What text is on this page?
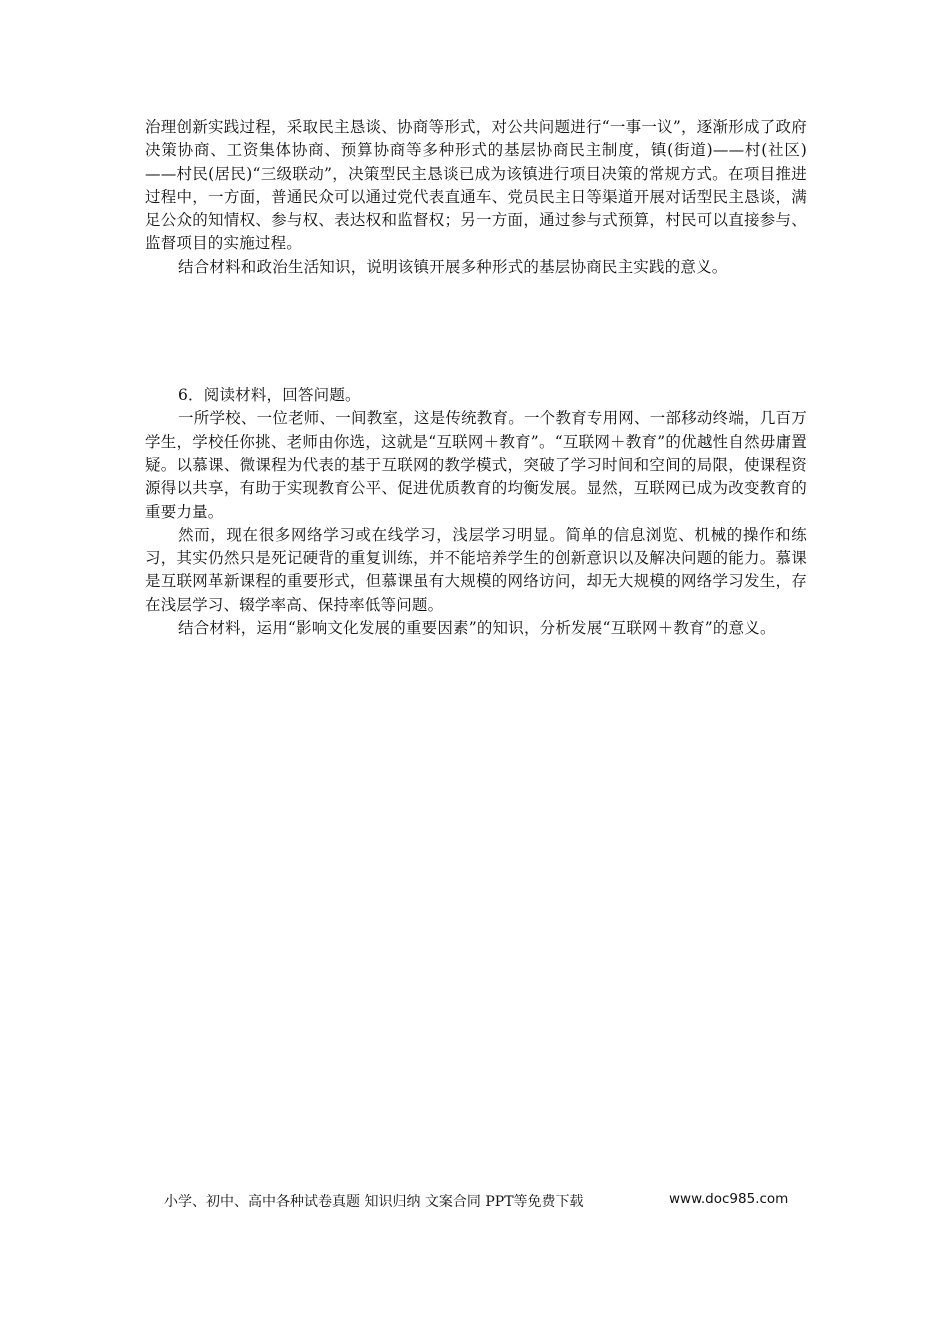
治理创新实践过程，采取民主恳谈、协商等形式，对公共问题进行“一事一议”，逐渐形成了政府决策协商、工资集体协商、预算协商等多种形式的基层协商民主制度，镇(街道)——村(社区)——村民(居民)“三级联动”，决策型民主恳谈已成为该镇进行项目决策的常规方式。在项目推进过程中，一方面，普通民众可以通过党代表直通车、党员民主日等渠道开展对话型民主恳谈，满足公众的知情权、参与权、表达权和监督权；另一方面，通过参与式预算，村民可以直接参与、监督项目的实施过程。

结合材料和政治生活知识，说明该镇开展多种形式的基层协商民主实践的意义。

6．阅读材料，回答问题。

一所学校、一位老师、一间教室，这是传统教育。一个教育专用网、一部移动终端，几百万学生，学校任你挑、老师由你选，这就是“互联网＋教育”。“互联网＋教育”的优越性自然毋庸置疑。以慕课、微课程为代表的基于互联网的教学模式，突破了学习时间和空间的局限，使课程资源得以共享，有助于实现教育公平、促进优质教育的均衡发展。显然，互联网已成为改变教育的重要力量。

然而，现在很多网络学习或在线学习，浅层学习明显。简单的信息浏览、机械的操作和练习，其实仍然只是死记硬背的重复训练，并不能培养学生的创新意识以及解决问题的能力。慕课是互联网革新课程的重要形式，但慕课虽有大规模的网络访问，却无大规模的网络学习发生，存在浅层学习、辍学率高、保持率低等问题。

结合材料，运用“影响文化发展的重要因素”的知识，分析发展“互联网＋教育”的意义。

小学、初中、高中各种试卷真题 知识归纳 文案合同 PPT等免费下载	www.doc985.com
